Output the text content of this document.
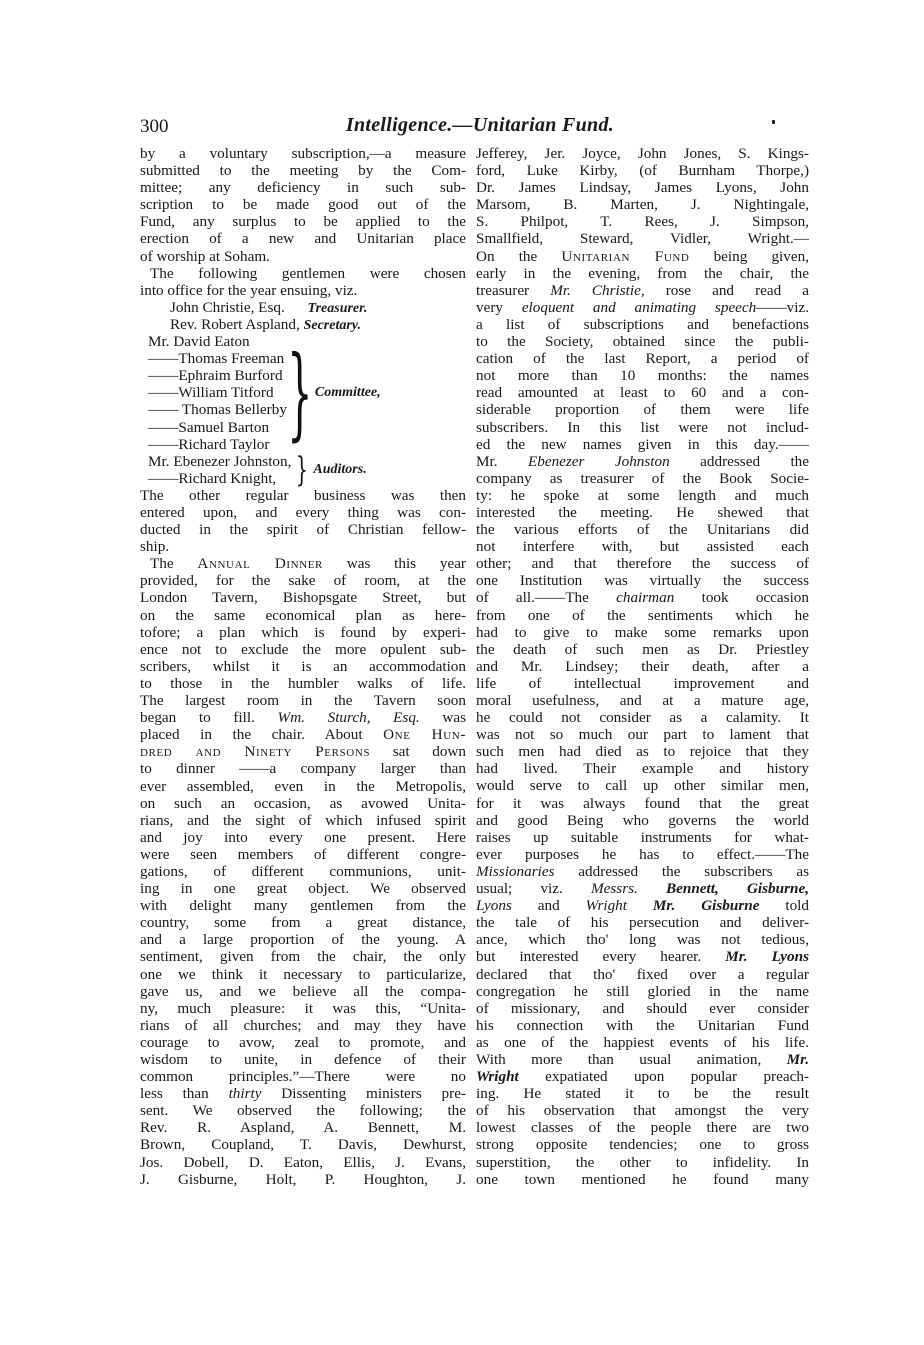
300	Intelligence.—Unitarian Fund.
by a voluntary subscription,—a measure
submitted to the meeting by the Com-
mittee; any deficiency in such sub-
scription to be made good out of the
Fund, any surplus to be applied to the
erection of a new and Unitarian place
of worship at Soham.
The following gentlemen were chosen
into office for the year ensuing, viz.
John Christie, Esq. Treasurer.
Rev. Robert Aspland, Secretary.
Mr. David Eaton
——Thomas Freeman
——Ephraim Burford
——William Titford
—— Thomas Bellerby
——Samuel Barton
——Richard Taylor } Committee,
Mr. Ebenezer Johnston,
——Richard Knight, } Auditors.
The other regular business was then
entered upon, and every thing was con-
ducted in the spirit of Christian fellow-
ship.
The Annual Dinner was this year
provided, for the sake of room, at the
London Tavern, Bishopsgate Street, but
on the same economical plan as here-
tofore; a plan which is found by experi-
ence not to exclude the more opulent sub-
scribers, whilst it is an accommodation
to those in the humbler walks of life.
The largest room in the Tavern soon
began to fill. Wm. Sturch, Esq. was
placed in the chair. About One Hun-
dred and Ninety Persons sat down
to dinner ——a company larger than
ever assembled, even in the Metropolis,
on such an occasion, as avowed Unita-
rians, and the sight of which infused spirit
and joy into every one present. Here
were seen members of different congre-
gations, of different communions, unit-
ing in one great object. We observed
with delight many gentlemen from the
country, some from a great distance,
and a large proportion of the young. A
sentiment, given from the chair, the only
one we think it necessary to particularize,
gave us, and we believe all the compa-
ny, much pleasure: it was this, “Unita-
rians of all churches; and may they have
courage to avow, zeal to promote, and
wisdom to unite, in defence of their
common principles.”—There were no
less than thirty Dissenting ministers pre-
sent. We observed the following; the
Rev. R. Aspland, A. Bennett, M.
Brown, Coupland, T. Davis, Dewhurst,
Jos. Dobell, D. Eaton, Ellis, J. Evans,
J. Gisburne, Holt, P. Houghton, J.
Jefferey, Jer. Joyce, John Jones, S. Kings-
ford, Luke Kirby, (of Burnham Thorpe,)
Dr. James Lindsay, James Lyons, John
Marsom, B. Marten, J. Nightingale,
S. Philpot, T. Rees, J. Simpson,
Smallfield, Steward, Vidler, Wright.—
On the Unitarian Fund being given,
early in the evening, from the chair, the
treasurer Mr. Christie, rose and read a
very eloquent and animating speech——viz.
a list of subscriptions and benefactions
to the Society, obtained since the publi-
cation of the last Report, a period of
not more than 10 months: the names
read amounted at least to 60 and a con-
siderable proportion of them were life
subscribers. In this list were not includ-
ed the new names given in this day.——
Mr. Ebenezer Johnston addressed the
company as treasurer of the Book Socie-
ty: he spoke at some length and much
interested the meeting. He shewed that
the various efforts of the Unitarians did
not interfere with, but assisted each
other; and that therefore the success of
one Institution was virtually the success
of all.——The chairman took occasion
from one of the sentiments which he
had to give to make some remarks upon
the death of such men as Dr. Priestley
and Mr. Lindsey; their death, after a
life of intellectual improvement and
moral usefulness, and at a mature age,
he could not consider as a calamity. It
was not so much our part to lament that
such men had died as to rejoice that they
had lived. Their example and history
would serve to call up other similar men,
for it was always found that the great
and good Being who governs the world
raises up suitable instruments for what-
ever purposes he has to effect.——The
Missionaries addressed the subscribers as
usual; viz. Messrs. Bennett, Gisburne,
Lyons and Wright Mr. Gisburne told
the tale of his persecution and deliver-
ance, which tho' long was not tedious,
but interested every hearer. Mr. Lyons
declared that tho' fixed over a regular
congregation he still gloried in the name
of missionary, and should ever consider
his connection with the Unitarian Fund
as one of the happiest events of his life.
With more than usual animation, Mr.
Wright expatiated upon popular preach-
ing. He stated it to be the result
of his observation that amongst the very
lowest classes of the people there are two
strong opposite tendencies; one to gross
superstition, the other to infidelity. In
one town mentioned he found many
